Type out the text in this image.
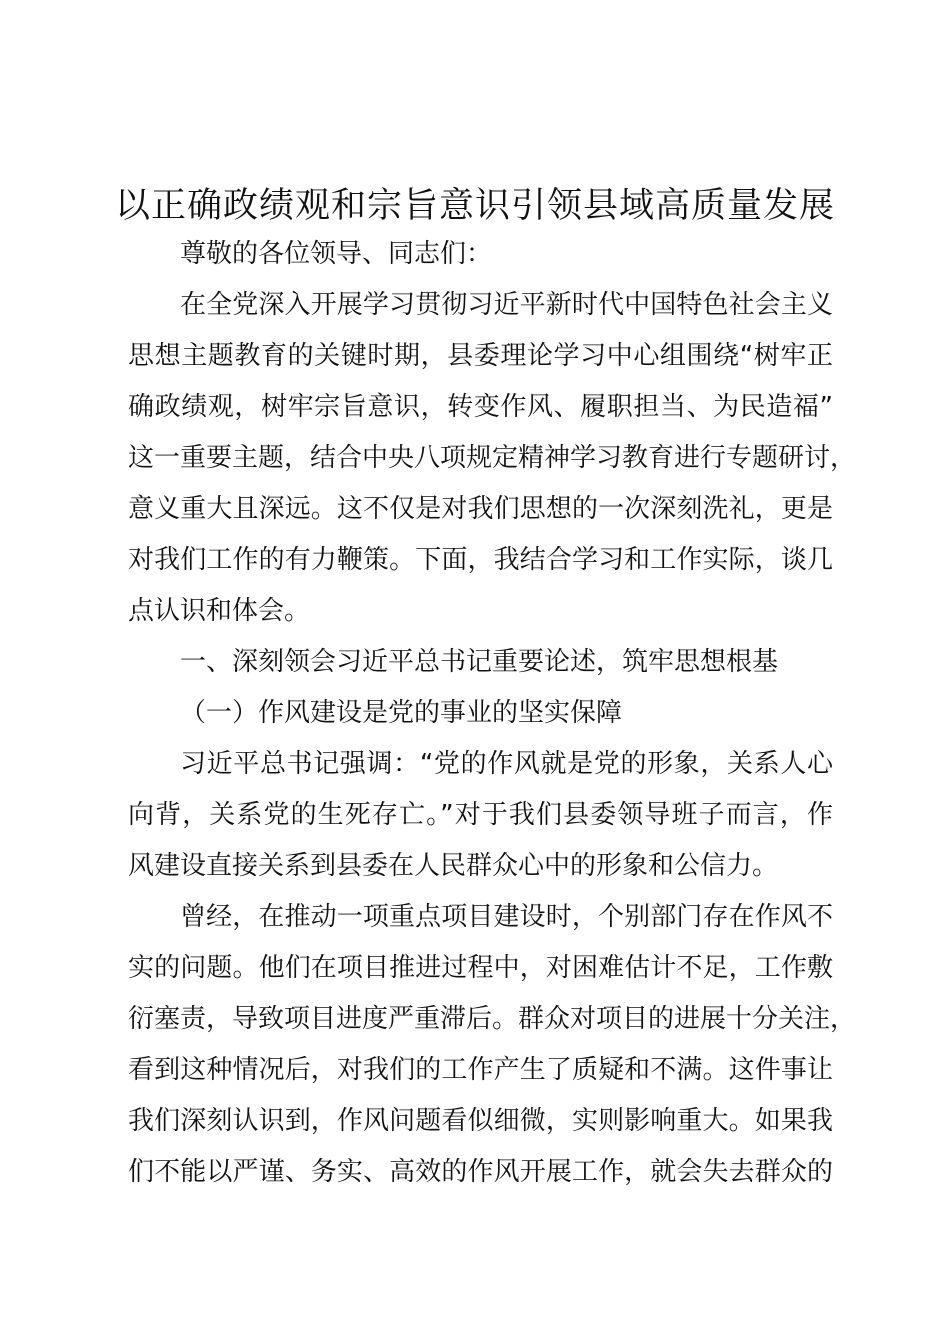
以正确政绩观和宗旨意识引领县域高质量发展
尊敬的各位领导、同志们：
在全党深入开展学习贯彻习近平新时代中国特色社会主义
思想主题教育的关键时期，县委理论学习中心组围绕“树牢正
确政绩观，树牢宗旨意识，转变作风、履职担当、为民造福”
这一重要主题，结合中央八项规定精神学习教育进行专题研讨，
意义重大且深远。这不仅是对我们思想的一次深刻洗礼，更是
对我们工作的有力鞭策。下面，我结合学习和工作实际，谈几
点认识和体会。
一、深刻领会习近平总书记重要论述，筑牢思想根基
（一）作风建设是党的事业的坚实保障
习近平总书记强调：“党的作风就是党的形象，关系人心
向背，关系党的生死存亡。”对于我们县委领导班子而言，作
风建设直接关系到县委在人民群众心中的形象和公信力。
曾经，在推动一项重点项目建设时，个别部门存在作风不
实的问题。他们在项目推进过程中，对困难估计不足，工作敷
衍塞责，导致项目进度严重滞后。群众对项目的进展十分关注，
看到这种情况后，对我们的工作产生了质疑和不满。这件事让
我们深刻认识到，作风问题看似细微，实则影响重大。如果我
们不能以严谨、务实、高效的作风开展工作，就会失去群众的
